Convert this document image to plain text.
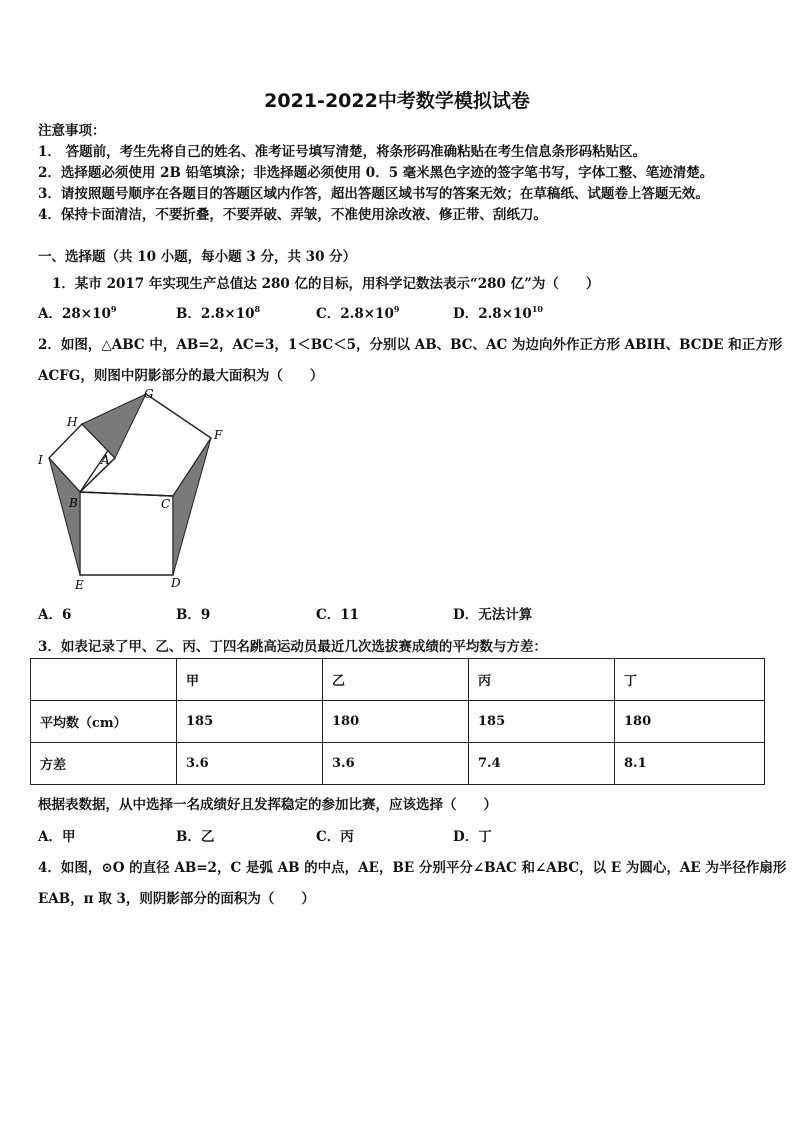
2021-2022中考数学模拟试卷
注意事项：
1． 答题前，考生先将自己的姓名、准考证号填写清楚，将条形码准确粘贴在考生信息条形码粘贴区。
2．选择题必须使用 2B 铅笔填涂；非选择题必须使用 0．5 毫米黑色字迹的签字笔书写，字体工整、笔迹清楚。
3．请按照题号顺序在各题目的答题区域内作答，超出答题区域书写的答案无效；在草稿纸、试题卷上答题无效。
4．保持卡面清洁，不要折叠，不要弄破、弄皱，不准使用涂改液、修正带、刮纸刀。
一、选择题（共 10 小题，每小题 3 分，共 30 分）
1．某市 2017 年实现生产总值达 280 亿的目标，用科学记数法表示“280 亿”为（　　）
A．$28\times 10^9$	B．$2.8\times 10^8$	C．$2.8\times 10^9$	D．$2.8\times 10^{10}$
2．如图，△ABC 中，AB=2，AC=3，1＜BC＜5，分别以 AB、BC、AC 为边向外作正方形 ABIH、BCDE 和正方形
ACFG，则图中阴影部分的最大面积为（　　）
G
H
F
I	A
B	C
E	D
A．6	B．9	C．11	D．无法计算
3．如表记录了甲、乙、丙、丁四名跳高运动员最近几次选拔赛成绩的平均数与方差：
	甲	乙	丙	丁
平均数（cm）	185	180	185	180
方差	3.6	3.6	7.4	8.1
根据表数据，从中选择一名成绩好且发挥稳定的参加比赛，应该选择（　　）
A．甲	B．乙	C．丙	D．丁
4．如图，⊙O 的直径 AB=2，C 是弧 AB 的中点，AE，BE 分别平分∠BAC 和∠ABC，以 E 为圆心，AE 为半径作扇形
EAB，π 取 3，则阴影部分的面积为（　　）
